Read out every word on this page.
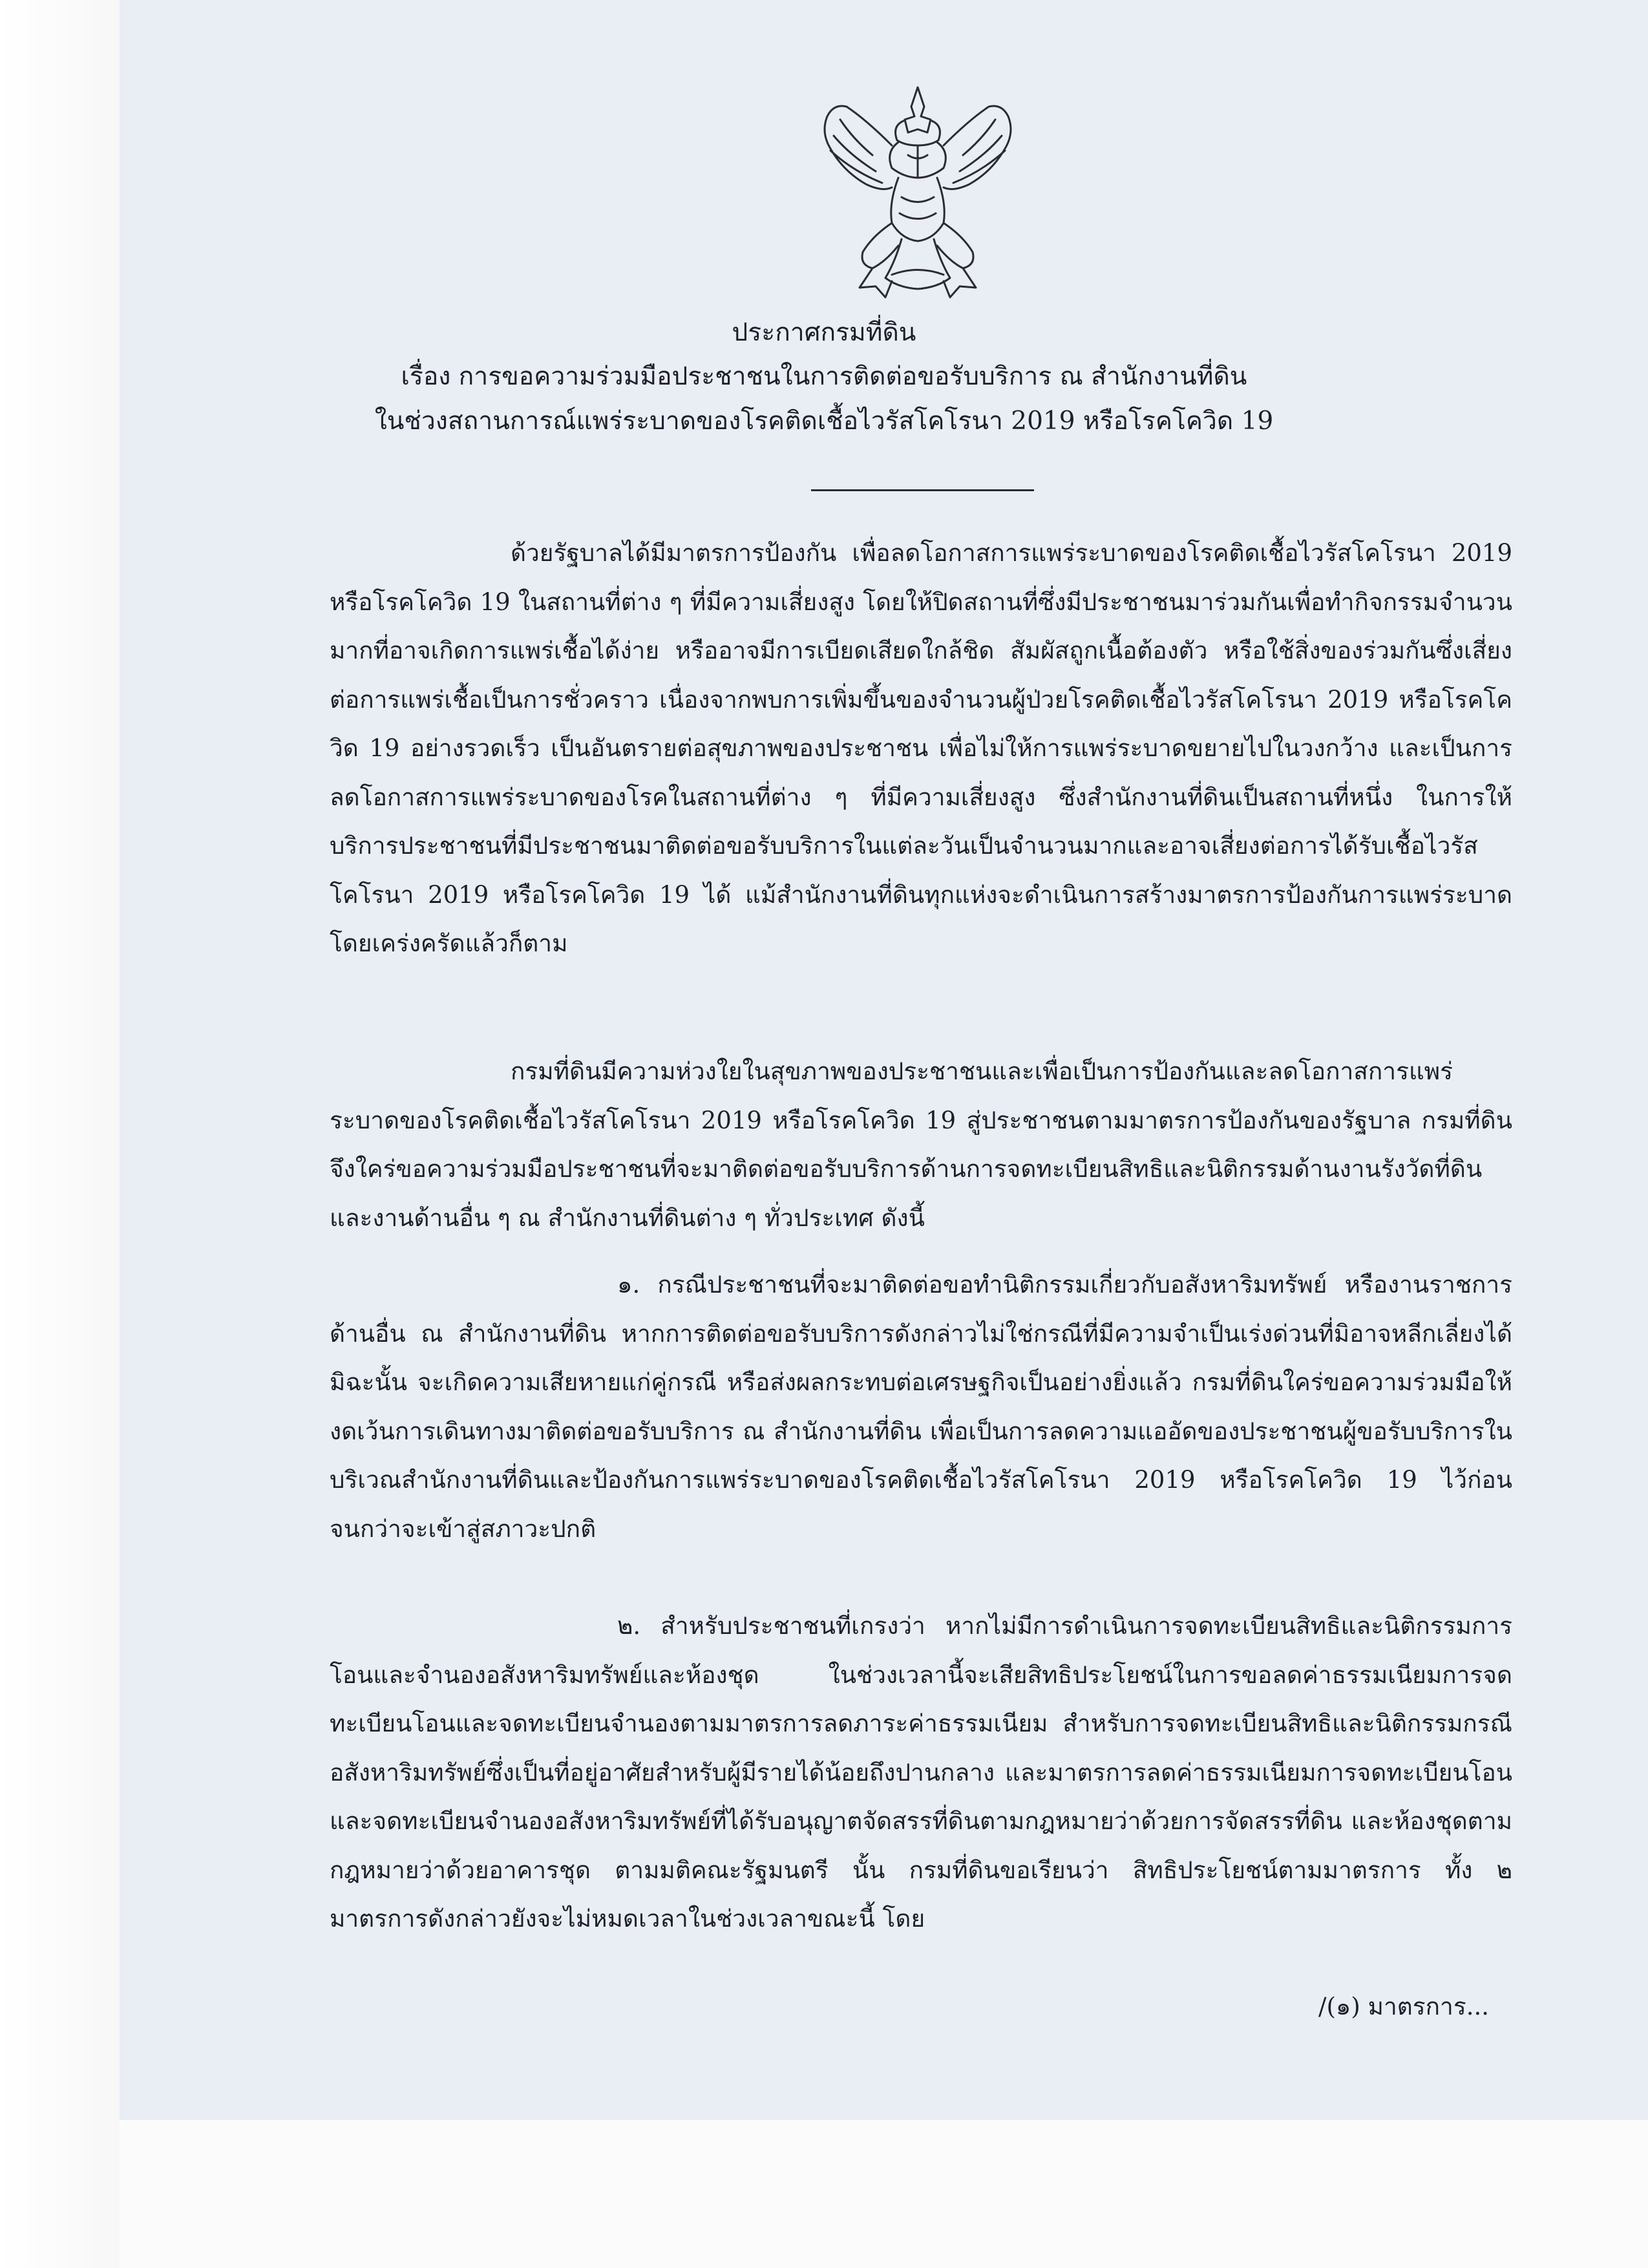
ประกาศกรมที่ดิน
เรื่อง การขอความร่วมมือประชาชนในการติดต่อขอรับบริการ ณ สำนักงานที่ดิน
ในช่วงสถานการณ์แพร่ระบาดของโรคติดเชื้อไวรัสโคโรนา 2019 หรือโรคโควิด 19
ด้วยรัฐบาลได้มีมาตรการป้องกัน เพื่อลดโอกาสการแพร่ระบาดของโรคติดเชื้อไวรัสโคโรนา 2019 หรือโรคโควิด 19 ในสถานที่ต่าง ๆ ที่มีความเสี่ยงสูง โดยให้ปิดสถานที่ซึ่งมีประชาชนมาร่วมกันเพื่อทำกิจกรรมจำนวนมากที่อาจเกิดการแพร่เชื้อได้ง่าย หรืออาจมีการเบียดเสียดใกล้ชิด สัมผัสถูกเนื้อต้องตัว หรือใช้สิ่งของร่วมกันซึ่งเสี่ยงต่อการแพร่เชื้อเป็นการชั่วคราว เนื่องจากพบการเพิ่มขึ้นของจำนวนผู้ป่วยโรคติดเชื้อไวรัสโคโรนา 2019 หรือโรคโควิด 19 อย่างรวดเร็ว เป็นอันตรายต่อสุขภาพของประชาชน เพื่อไม่ให้การแพร่ระบาดขยายไปในวงกว้าง และเป็นการลดโอกาสการแพร่ระบาดของโรคในสถานที่ต่าง ๆ ที่มีความเสี่ยงสูง ซึ่งสำนักงานที่ดินเป็นสถานที่หนึ่ง ในการให้บริการประชาชนที่มีประชาชนมาติดต่อขอรับบริการในแต่ละวันเป็นจำนวนมากและอาจเสี่ยงต่อการได้รับเชื้อไวรัสโคโรนา 2019 หรือโรคโควิด 19 ได้ แม้สำนักงานที่ดินทุกแห่งจะดำเนินการสร้างมาตรการป้องกันการแพร่ระบาดโดยเคร่งครัดแล้วก็ตาม
กรมที่ดินมีความห่วงใยในสุขภาพของประชาชนและเพื่อเป็นการป้องกันและลดโอกาสการแพร่ระบาดของโรคติดเชื้อไวรัสโคโรนา 2019 หรือโรคโควิด 19 สู่ประชาชนตามมาตรการป้องกันของรัฐบาล กรมที่ดินจึงใคร่ขอความร่วมมือประชาชนที่จะมาติดต่อขอรับบริการด้านการจดทะเบียนสิทธิและนิติกรรมด้านงานรังวัดที่ดิน และงานด้านอื่น ๆ ณ สำนักงานที่ดินต่าง ๆ ทั่วประเทศ ดังนี้
๑. กรณีประชาชนที่จะมาติดต่อขอทำนิติกรรมเกี่ยวกับอสังหาริมทรัพย์ หรืองานราชการด้านอื่น ณ สำนักงานที่ดิน หากการติดต่อขอรับบริการดังกล่าวไม่ใช่กรณีที่มีความจำเป็นเร่งด่วนที่มิอาจหลีกเลี่ยงได้ มิฉะนั้น จะเกิดความเสียหายแก่คู่กรณี หรือส่งผลกระทบต่อเศรษฐกิจเป็นอย่างยิ่งแล้ว กรมที่ดินใคร่ขอความร่วมมือให้งดเว้นการเดินทางมาติดต่อขอรับบริการ ณ สำนักงานที่ดิน เพื่อเป็นการลดความแออัดของประชาชนผู้ขอรับบริการในบริเวณสำนักงานที่ดินและป้องกันการแพร่ระบาดของโรคติดเชื้อไวรัสโคโรนา 2019 หรือโรคโควิด 19 ไว้ก่อนจนกว่าจะเข้าสู่สภาวะปกติ
๒. สำหรับประชาชนที่เกรงว่า หากไม่มีการดำเนินการจดทะเบียนสิทธิและนิติกรรมการโอนและจำนองอสังหาริมทรัพย์และห้องชุด ในช่วงเวลานี้จะเสียสิทธิประโยชน์ในการขอลดค่าธรรมเนียมการจดทะเบียนโอนและจดทะเบียนจำนองตามมาตรการลดภาระค่าธรรมเนียม สำหรับการจดทะเบียนสิทธิและนิติกรรมกรณีอสังหาริมทรัพย์ซึ่งเป็นที่อยู่อาศัยสำหรับผู้มีรายได้น้อยถึงปานกลาง และมาตรการลดค่าธรรมเนียมการจดทะเบียนโอนและจดทะเบียนจำนองอสังหาริมทรัพย์ที่ได้รับอนุญาตจัดสรรที่ดินตามกฎหมายว่าด้วยการจัดสรรที่ดิน และห้องชุดตามกฎหมายว่าด้วยอาคารชุด ตามมติคณะรัฐมนตรี นั้น กรมที่ดินขอเรียนว่า สิทธิประโยชน์ตามมาตรการ ทั้ง ๒ มาตรการดังกล่าวยังจะไม่หมดเวลาในช่วงเวลาขณะนี้ โดย
/(๑) มาตรการ...
